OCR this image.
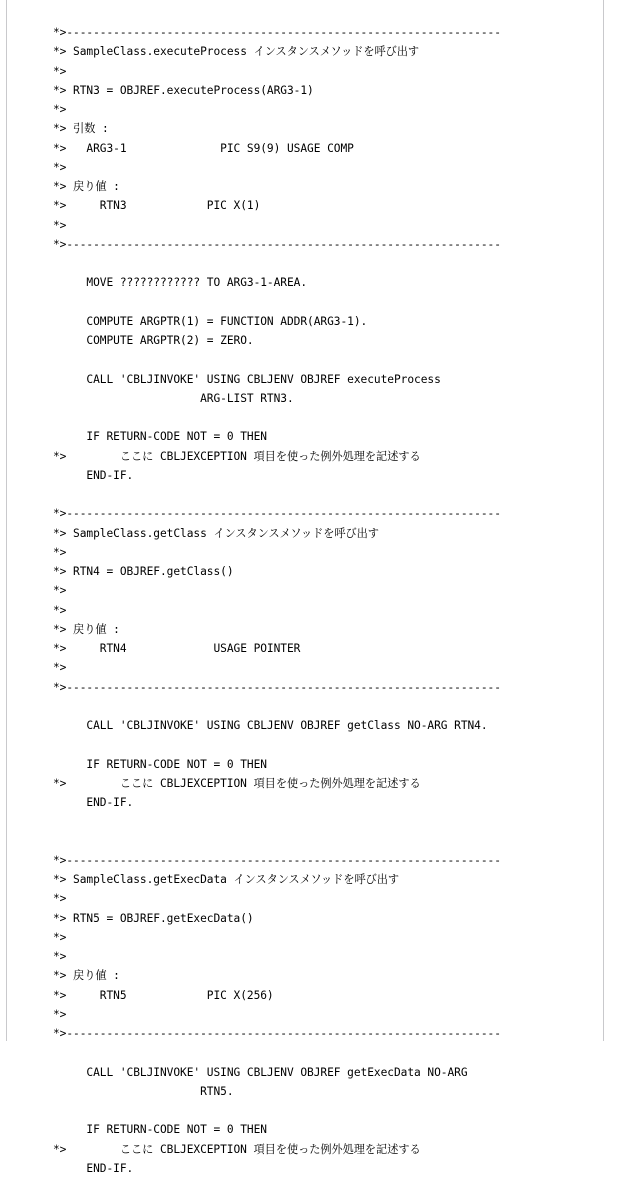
*>-----------------------------------------------------------------
*> SampleClass.executeProcess インスタンスメソッドを呼び出す
*>
*> RTN3 = OBJREF.executeProcess(ARG3-1)
*>
*> 引数 :
*>   ARG3-1              PIC S9(9) USAGE COMP
*>
*> 戻り値 :
*>     RTN3            PIC X(1)
*>
*>-----------------------------------------------------------------

MOVE ???????????? TO ARG3-1-AREA.

COMPUTE ARGPTR(1) = FUNCTION ADDR(ARG3-1).
COMPUTE ARGPTR(2) = ZERO.

CALL 'CBLJINVOKE' USING CBLJENV OBJREF executeProcess
ARG-LIST RTN3.

IF RETURN-CODE NOT = 0 THEN
*>        ここに CBLJEXCEPTION 項目を使った例外処理を記述する
END-IF.

*>-----------------------------------------------------------------
*> SampleClass.getClass インスタンスメソッドを呼び出す
*>
*> RTN4 = OBJREF.getClass()
*>
*>
*> 戻り値 :
*>     RTN4             USAGE POINTER
*>
*>-----------------------------------------------------------------

CALL 'CBLJINVOKE' USING CBLJENV OBJREF getClass NO-ARG RTN4.

IF RETURN-CODE NOT = 0 THEN
*>        ここに CBLJEXCEPTION 項目を使った例外処理を記述する
END-IF.

*>-----------------------------------------------------------------
*> SampleClass.getExecData インスタンスメソッドを呼び出す
*>
*> RTN5 = OBJREF.getExecData()
*>
*>
*> 戻り値 :
*>     RTN5            PIC X(256)
*>
*>-----------------------------------------------------------------

CALL 'CBLJINVOKE' USING CBLJENV OBJREF getExecData NO-ARG
RTN5.

IF RETURN-CODE NOT = 0 THEN
*>        ここに CBLJEXCEPTION 項目を使った例外処理を記述する
END-IF.
